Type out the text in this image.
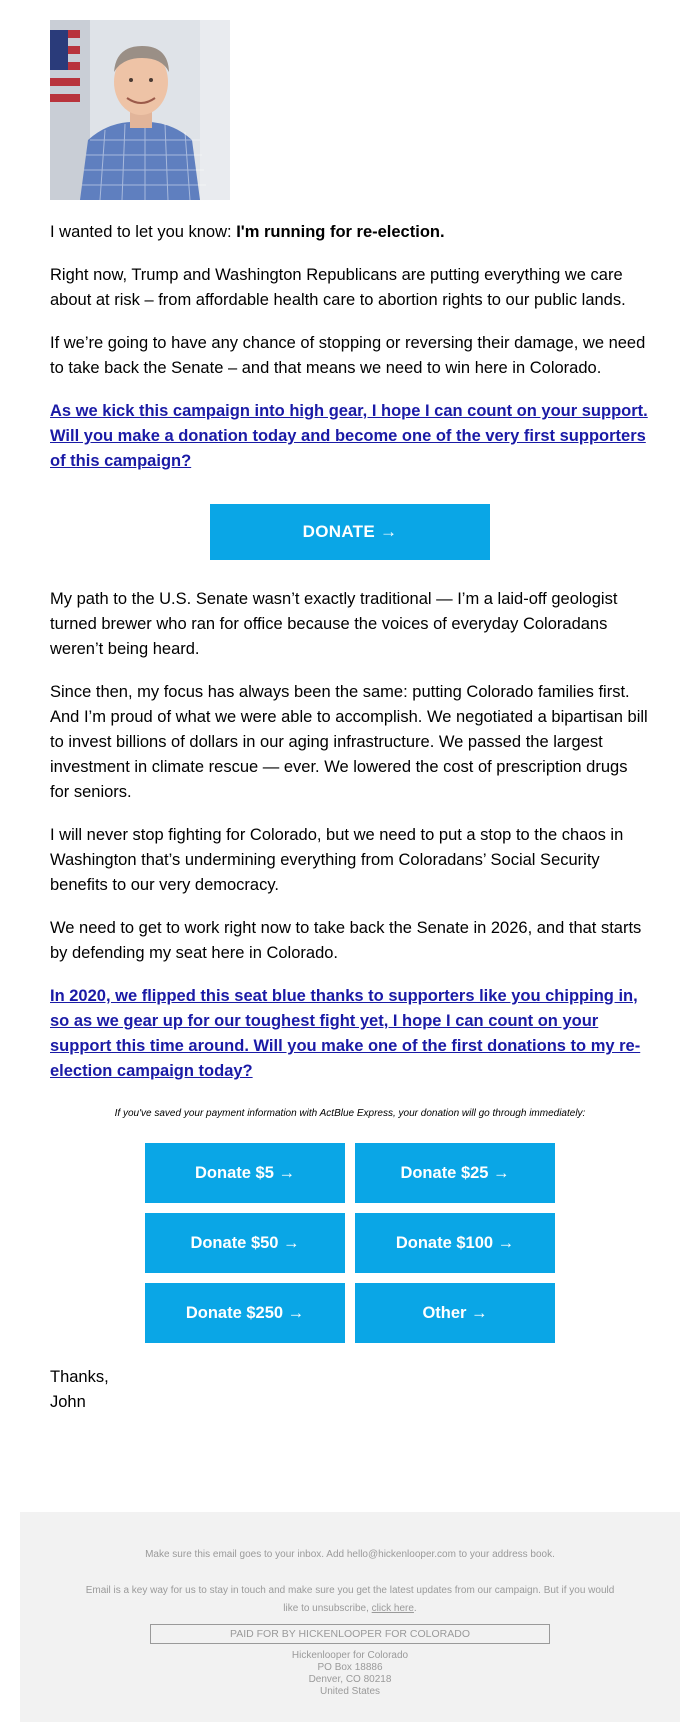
I wanted to let you know: I'm running for re-election.

Right now, Trump and Washington Republicans are putting everything we care about at risk – from affordable health care to abortion rights to our public lands.

If we’re going to have any chance of stopping or reversing their damage, we need to take back the Senate – and that means we need to win here in Colorado.

As we kick this campaign into high gear, I hope I can count on your support. Will you make a donation today and become one of the very first supporters of this campaign?

DONATE →

My path to the U.S. Senate wasn’t exactly traditional — I’m a laid-off geologist turned brewer who ran for office because the voices of everyday Coloradans weren’t being heard.

Since then, my focus has always been the same: putting Colorado families first. And I’m proud of what we were able to accomplish. We negotiated a bipartisan bill to invest billions of dollars in our aging infrastructure. We passed the largest investment in climate rescue — ever. We lowered the cost of prescription drugs for seniors.

I will never stop fighting for Colorado, but we need to put a stop to the chaos in Washington that’s undermining everything from Coloradans’ Social Security benefits to our very democracy.

We need to get to work right now to take back the Senate in 2026, and that starts by defending my seat here in Colorado.

In 2020, we flipped this seat blue thanks to supporters like you chipping in, so as we gear up for our toughest fight yet, I hope I can count on your support this time around. Will you make one of the first donations to my re-election campaign today?

If you've saved your payment information with ActBlue Express, your donation will go through immediately:
Donate $5 →	Donate $25 →
Donate $50 →	Donate $100 →
Donate $250 →	Other →
Thanks,
John
Make sure this email goes to your inbox. Add hello@hickenlooper.com to your address book.
Email is a key way for us to stay in touch and make sure you get the latest updates from our campaign. But if you would like to unsubscribe, click here.
PAID FOR BY HICKENLOOPER FOR COLORADO
Hickenlooper for Colorado
PO Box 18886
Denver, CO 80218
United States
